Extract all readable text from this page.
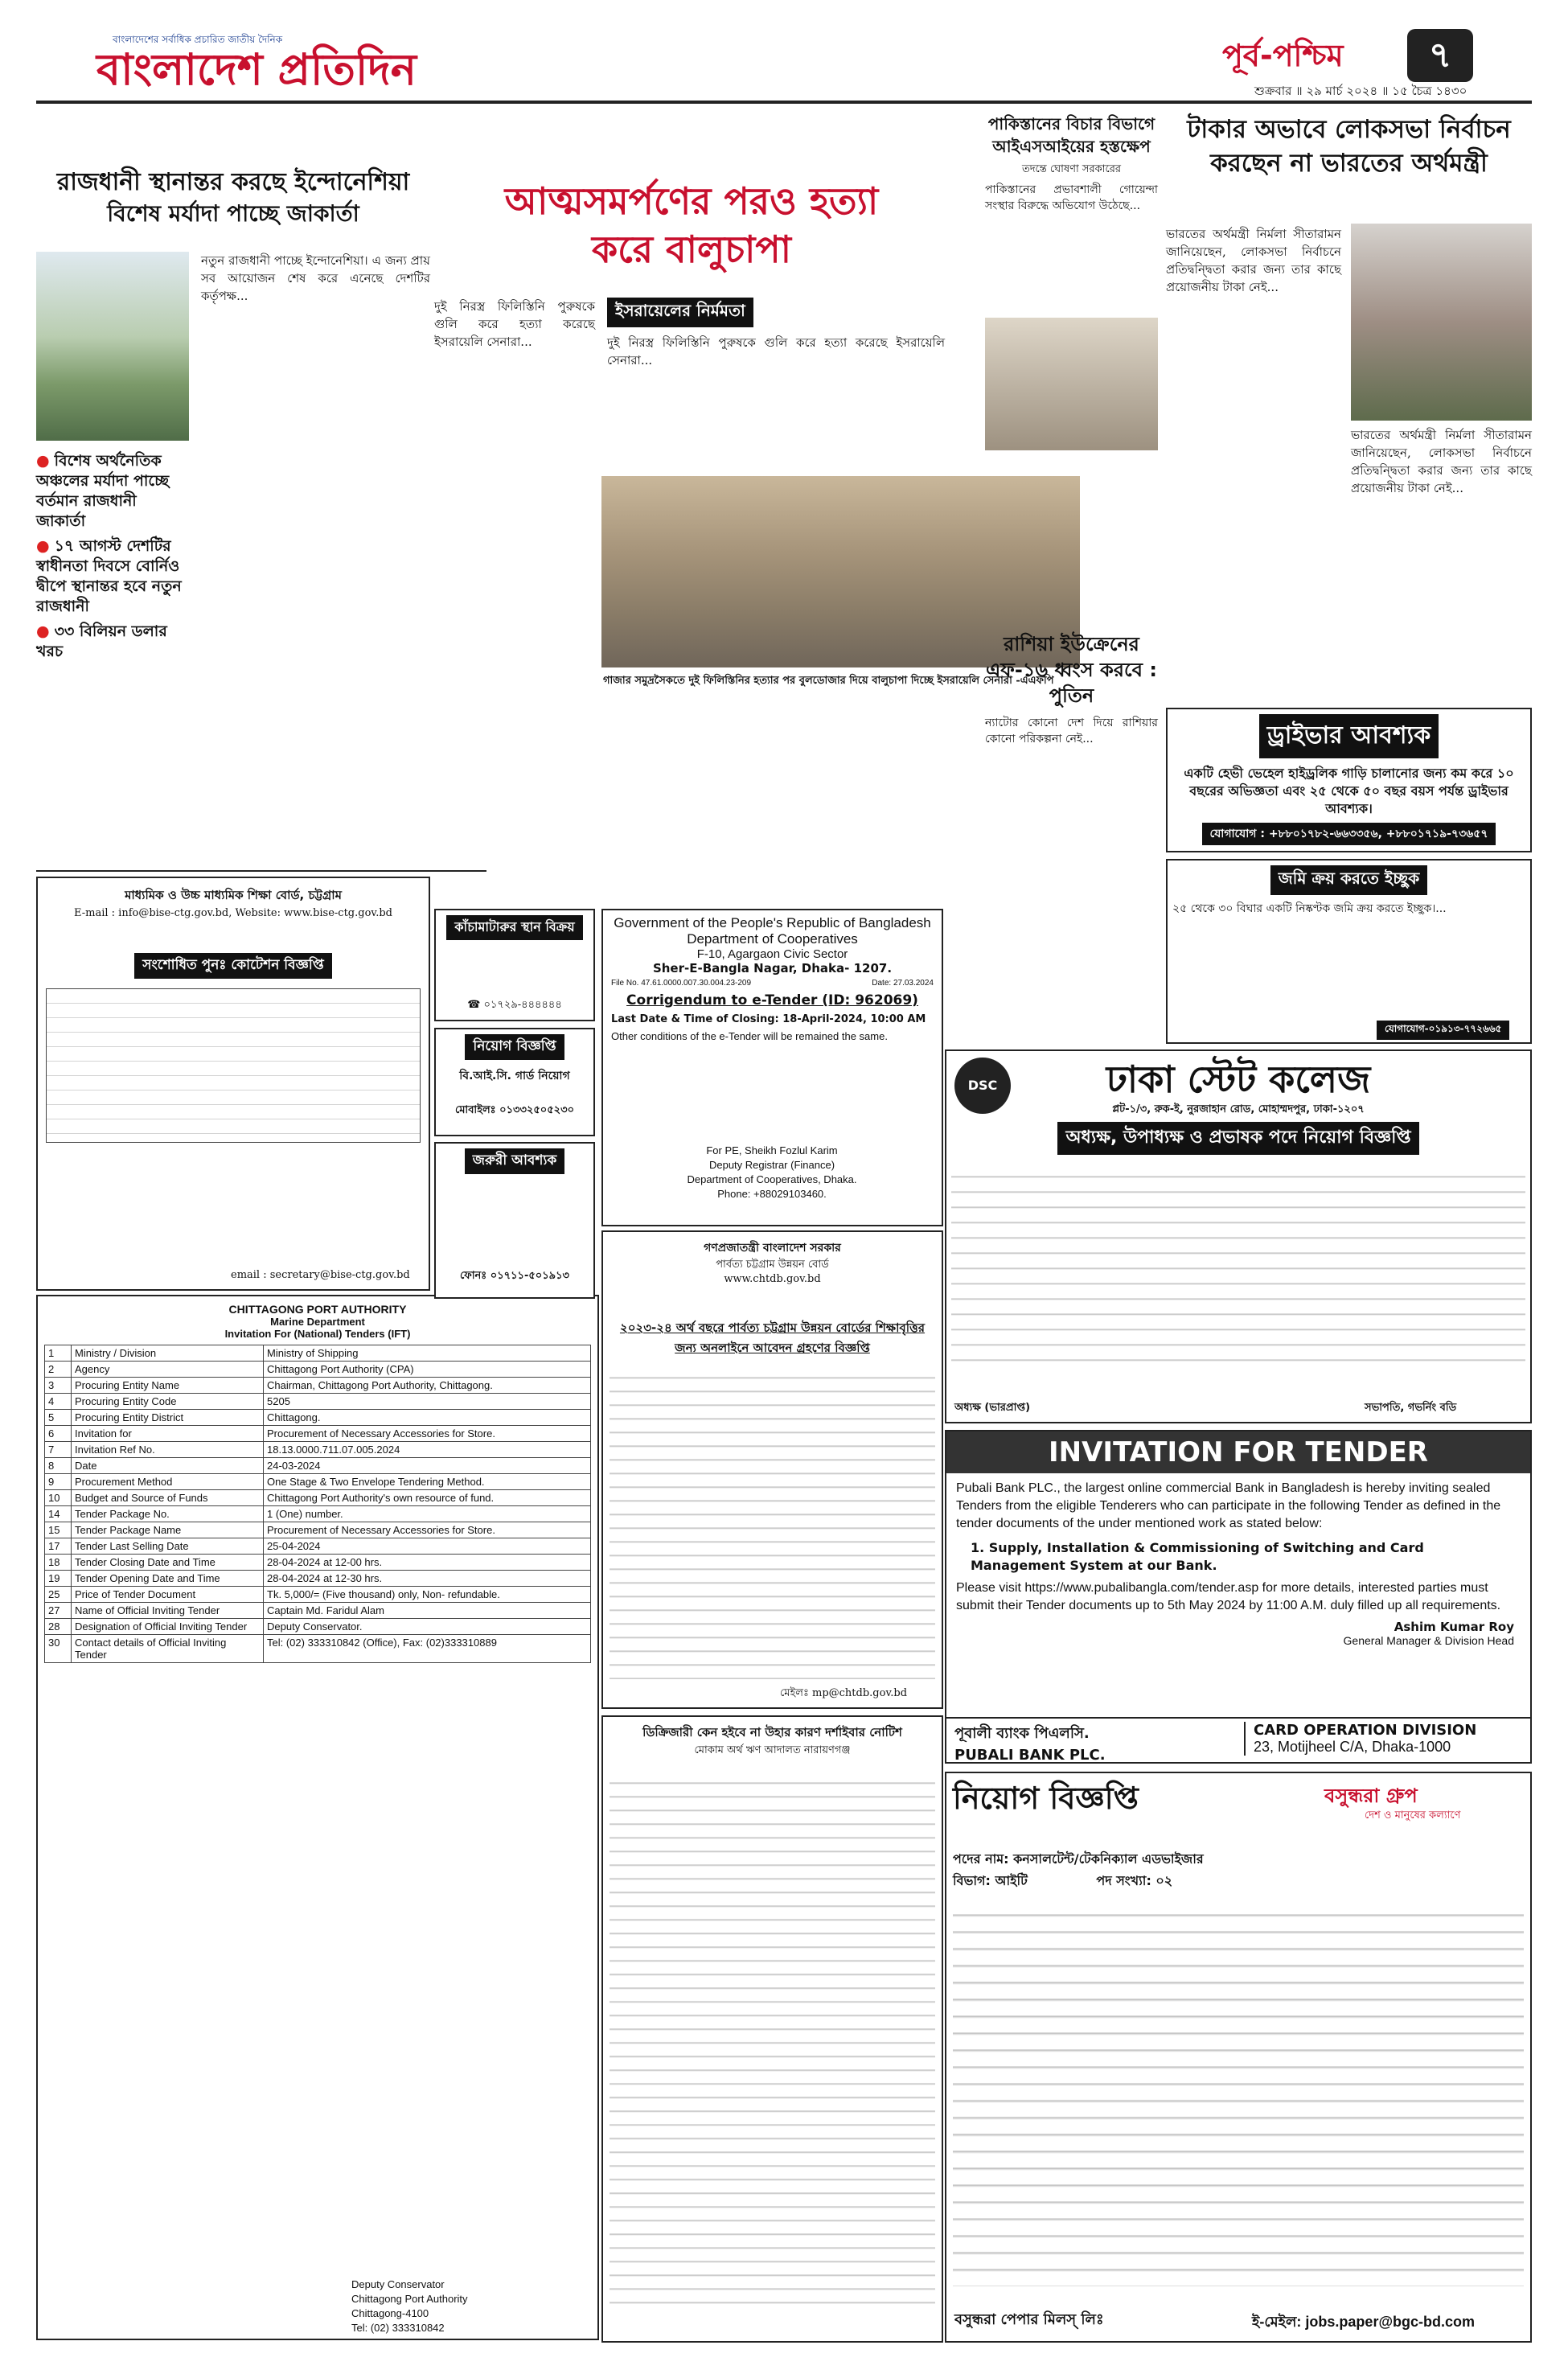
বাংলাদেশের সর্বাধিক প্রচারিত জাতীয় দৈনিক
বাংলাদেশ প্রতিদিন	পূর্ব-পশ্চিম	৭
শুক্রবার ॥ ২৯ মার্চ ২০২৪ ॥ ১৫ চৈত্র ১৪৩০
রাজধানী স্থানান্তর করছে ইন্দোনেশিয়া
বিশেষ মর্যাদা পাচ্ছে জাকার্তা
● বিশেষ অর্থনৈতিক অঞ্চলের মর্যাদা পাচ্ছে বর্তমান রাজধানী জাকার্তা
● ১৭ আগস্ট দেশটির স্বাধীনতা দিবসে বোর্নিও দ্বীপে স্থানান্তর হবে নতুন রাজধানী
● ৩৩ বিলিয়ন ডলার খরচ
নতুন রাজধানী পাচ্ছে ইন্দোনেশিয়া। এ জন্য প্রায় সব আয়োজন শেষ করে এনেছে দেশটির কর্তৃপক্ষ...
আত্মসমর্পণের পরও হত্যা
করে বালুচাপা
দুই নিরস্ত্র ফিলিস্তিনি পুরুষকে গুলি করে হত্যা করেছে ইসরায়েলি সেনারা...
ইসরায়েলের নির্মমতা
দুই নিরস্ত্র ফিলিস্তিনি পুরুষকে গুলি করে হত্যা করেছে ইসরায়েলি সেনারা...
গাজার সমুদ্রসৈকতে দুই ফিলিস্তিনির হত্যার পর বুলডোজার দিয়ে বালুচাপা দিচ্ছে ইসরায়েলি সেনারা -এএফপি
পাকিস্তানের বিচার বিভাগে আইএসআইয়ের হস্তক্ষেপ
তদন্তে ঘোষণা সরকারের
পাকিস্তানের প্রভাবশালী গোয়েন্দা সংস্থার বিরুদ্ধে অভিযোগ উঠেছে...
রাশিয়া ইউক্রেনের এফ-১৬ ধ্বংস করবে : পুতিন
ন্যাটোর কোনো দেশ দিয়ে রাশিয়ার কোনো পরিকল্পনা নেই...
টাকার অভাবে লোকসভা নির্বাচন
করছেন না ভারতের অর্থমন্ত্রী
ভারতের অর্থমন্ত্রী নির্মলা সীতারামন জানিয়েছেন, লোকসভা নির্বাচনে প্রতিদ্বন্দ্বিতা করার জন্য তার কাছে প্রয়োজনীয় টাকা নেই...
ভারতের অর্থমন্ত্রী নির্মলা সীতারামন জানিয়েছেন, লোকসভা নির্বাচনে প্রতিদ্বন্দ্বিতা করার জন্য তার কাছে প্রয়োজনীয় টাকা নেই...
মাধ্যমিক ও উচ্চ মাধ্যমিক শিক্ষা বোর্ড, চট্টগ্রাম
E-mail : info@bise-ctg.gov.bd, Website: www.bise-ctg.gov.bd
সংশোধিত পুনঃ কোটেশন বিজ্ঞপ্তি
email : secretary@bise-ctg.gov.bd
CHITTAGONG PORT AUTHORITY
Marine Department
Invitation For (National) Tenders (IFT)
1	Ministry / Division	Ministry of Shipping
2	Agency	Chittagong Port Authority (CPA)
3	Procuring Entity Name	Chairman, Chittagong Port Authority, Chittagong.
4	Procuring Entity Code	5205
5	Procuring Entity District	Chittagong.
6	Invitation for	Procurement of Necessary Accessories for Store.
7	Invitation Ref No.	18.13.0000.711.07.005.2024
8	Date	24-03-2024
9	Procurement Method	One Stage & Two Envelope Tendering Method.
10	Budget and Source of Funds	Chittagong Port Authority's own resource of fund.
14	Tender Package No.	1 (One) number.
15	Tender Package Name	Procurement of Necessary Accessories for Store.
17	Tender Last Selling Date	25-04-2024
18	Tender Closing Date and Time	28-04-2024 at 12-00 hrs.
19	Tender Opening Date and Time	28-04-2024 at 12-30 hrs.
25	Price of Tender Document	Tk. 5,000/= (Five thousand) only, Non- refundable.
27	Name of Official Inviting Tender	Captain Md. Faridul Alam
28	Designation of Official Inviting Tender	Deputy Conservator.
30	Contact details of Official Inviting Tender	Tel: (02) 333310842 (Office), Fax: (02)333310889
Deputy Conservator
Chittagong Port Authority
Chittagong-4100
Tel: (02) 333310842
কাঁচামাটারুর স্থান বিক্রয়
☎ ০১৭২৯-৪৪৪৪৪৪
নিয়োগ বিজ্ঞপ্তি
বি.আই.সি. গার্ড নিয়োগ
মোবাইলঃ ০১৩৩২৫০৫২৩০
জরুরী আবশ্যক
ফোনঃ ০১৭১১-৫০১৯১৩
Government of the People's Republic of Bangladesh
Department of Cooperatives
F-10, Agargaon Civic Sector
Sher-E-Bangla Nagar, Dhaka- 1207.
File No. 47.61.0000.007.30.004.23-209	Date: 27.03.2024
Corrigendum to e-Tender (ID: 962069)
Last Date & Time of Closing: 18-April-2024, 10:00 AM
Other conditions of the e-Tender will be remained the same.
For PE, Sheikh Fozlul Karim
Deputy Registrar (Finance)
Department of Cooperatives, Dhaka.
Phone: +88029103460.
গণপ্রজাতন্ত্রী বাংলাদেশ সরকার
পার্বত্য চট্টগ্রাম উন্নয়ন বোর্ড
www.chtdb.gov.bd
২০২৩-২৪ অর্থ বছরে পার্বত্য চট্টগ্রাম উন্নয়ন বোর্ডের শিক্ষাবৃত্তির জন্য অনলাইনে আবেদন গ্রহণের বিজ্ঞপ্তি
মেইলঃ mp@chtdb.gov.bd
ডিক্রিজারী কেন হইবে না উহার কারণ দর্শাইবার নোটিশ
মোকাম অর্থ ঋণ আদালত নারায়ণগঞ্জ
ড্রাইভার আবশ্যক
একটি হেভী ভেহেল হাইড্রলিক গাড়ি চালানোর জন্য কম করে ১০ বছরের অভিজ্ঞতা এবং ২৫ থেকে ৫০ বছর বয়স পর্যন্ত ড্রাইভার আবশ্যক।
যোগাযোগ : +৮৮০১৭৮২-৬৬৩৩৫৬, +৮৮০১৭১৯-৭৩৬৫৭
জমি ক্রয় করতে ইচ্ছুক
২৫ থেকে ৩০ বিঘার একটি নিষ্কণ্টক জমি ক্রয় করতে ইচ্ছুক।...
যোগাযোগ-০১৯১৩-৭৭২৬৬৫
DSC	ঢাকা স্টেট কলেজ
প্লট-১/৩, রুক-ই, নুরজাহান রোড, মোহাম্মদপুর, ঢাকা-১২০৭
অধ্যক্ষ, উপাধ্যক্ষ ও প্রভাষক পদে নিয়োগ বিজ্ঞপ্তি
অধ্যক্ষ (ভারপ্রাপ্ত)	সভাপতি, গভর্নিং বডি
INVITATION FOR TENDER
Pubali Bank PLC., the largest online commercial Bank in Bangladesh is hereby inviting sealed Tenders from the eligible Tenderers who can participate in the following Tender as defined in the tender documents of the under mentioned work as stated below:
1. Supply, Installation & Commissioning of Switching and Card Management System at our Bank.
Please visit https://www.pubalibangla.com/tender.asp for more details, interested parties must submit their Tender documents up to 5th May 2024 by 11:00 A.M. duly filled up all requirements.
Ashim Kumar Roy
General Manager & Division Head
পূবালী ব্যাংক পিএলসি.
PUBALI BANK PLC.
CARD OPERATION DIVISION
23, Motijheel C/A, Dhaka-1000
নিয়োগ বিজ্ঞপ্তি	বসুন্ধরা গ্রুপ
দেশ ও মানুষের কল্যাণে
পদের নাম: কনসালটেন্ট/টেকনিক্যাল এডভাইজার
বিভাগ: আইটি	পদ সংখ্যা: ০২
বসুন্ধরা পেপার মিলস্ লিঃ	ই-মেইল: jobs.paper@bgc-bd.com
